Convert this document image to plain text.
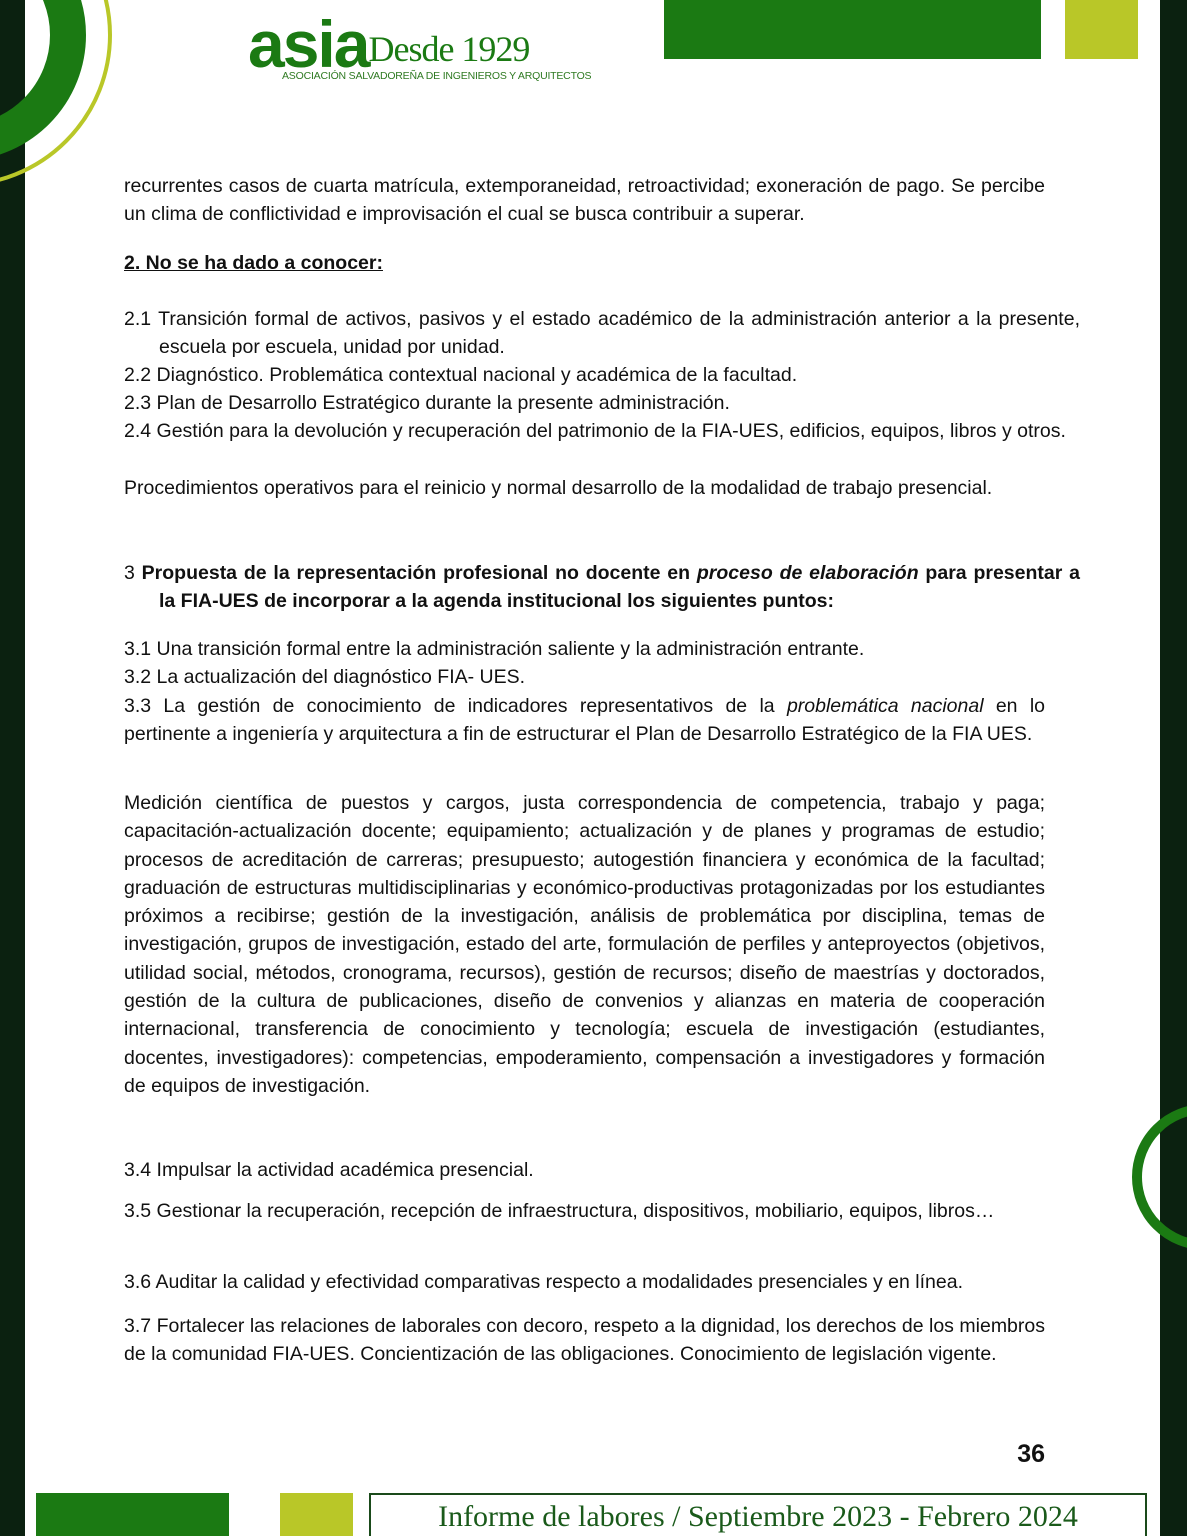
asiaDesde 1929
ASOCIACIÓN SALVADOREÑA DE INGENIEROS Y ARQUITECTOS
recurrentes casos de cuarta matrícula, extemporaneidad, retroactividad; exoneración de pago. Se percibe un clima de conflictividad e improvisación el cual se busca contribuir a superar.
2. No se ha dado a conocer:
2.1 Transición formal de activos, pasivos y el estado académico de la administración anterior a la presente, escuela por escuela, unidad por unidad.
2.2 Diagnóstico. Problemática contextual nacional y académica de la facultad.
2.3 Plan de Desarrollo Estratégico durante la presente administración.
2.4 Gestión para la devolución y recuperación del patrimonio de la FIA-UES, edificios, equipos, libros y otros.
Procedimientos operativos para el reinicio y normal desarrollo de la modalidad de trabajo presencial.
3 Propuesta de la representación profesional no docente en proceso de elaboración para presentar a la FIA-UES de incorporar a la agenda institucional los siguientes puntos:
3.1 Una transición formal entre la administración saliente y la administración entrante.
3.2 La actualización del diagnóstico FIA- UES.
3.3 La gestión de conocimiento de indicadores representativos de la problemática nacional en lo pertinente a ingeniería y arquitectura a fin de estructurar el Plan de Desarrollo Estratégico de la FIA UES.
Medición científica de puestos y cargos, justa correspondencia de competencia, trabajo y paga; capacitación-actualización docente; equipamiento; actualización y de planes y programas de estudio; procesos de acreditación de carreras; presupuesto; autogestión financiera y económica de la facultad; graduación de estructuras multidisciplinarias y económico-productivas protagonizadas por los estudiantes próximos a recibirse; gestión de la investigación, análisis de problemática por disciplina, temas de investigación, grupos de investigación, estado del arte, formulación de perfiles y anteproyectos (objetivos, utilidad social, métodos, cronograma, recursos), gestión de recursos; diseño de maestrías y doctorados, gestión de la cultura de publicaciones, diseño de convenios y alianzas en materia de cooperación internacional, transferencia de conocimiento y tecnología; escuela de investigación (estudiantes, docentes, investigadores): competencias, empoderamiento, compensación a investigadores y formación de equipos de investigación.
3.4 Impulsar la actividad académica presencial.
3.5 Gestionar la recuperación, recepción de infraestructura, dispositivos, mobiliario, equipos, libros…
3.6 Auditar la calidad y efectividad comparativas respecto a modalidades presenciales y en línea.
3.7 Fortalecer las relaciones de laborales con decoro, respeto a la dignidad, los derechos de los miembros de la comunidad FIA-UES. Concientización de las obligaciones. Conocimiento de legislación vigente.
36
Informe de labores / Septiembre 2023 - Febrero 2024
